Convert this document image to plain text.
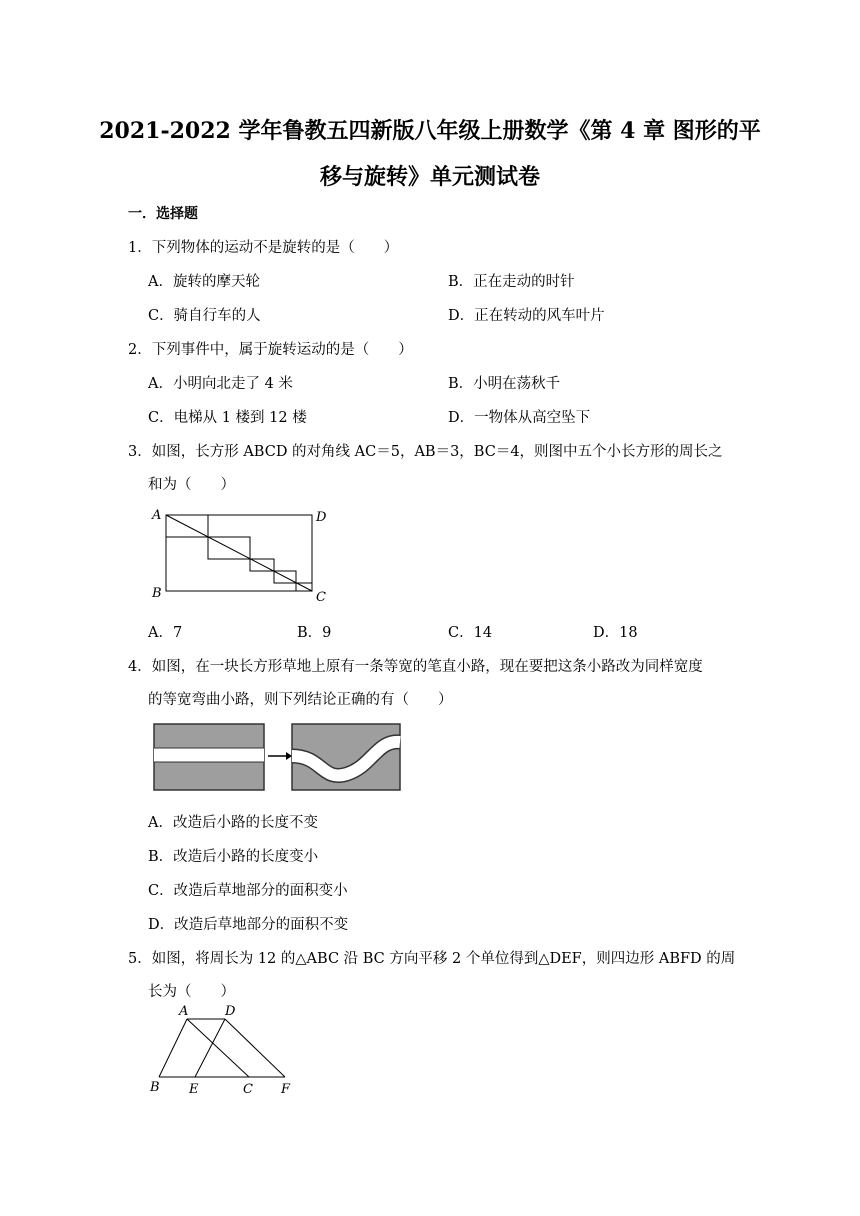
2021-2022 学年鲁教五四新版八年级上册数学《第 4 章 图形的平
移与旋转》单元测试卷
一．选择题
1．下列物体的运动不是旋转的是（　　）
A．旋转的摩天轮	B．正在走动的时针
C．骑自行车的人	D．正在转动的风车叶片
2．下列事件中，属于旋转运动的是（　　）
A．小明向北走了 4 米	B．小明在荡秋千
C．电梯从 1 楼到 12 楼	D．一物体从高空坠下
3．如图，长方形 ABCD 的对角线 AC＝5，AB＝3，BC＝4，则图中五个小长方形的周长之
和为（　　）
A	D
B	C
A．7	B．9	C．14	D．18
4．如图，在一块长方形草地上原有一条等宽的笔直小路，现在要把这条小路改为同样宽度
的等宽弯曲小路，则下列结论正确的有（　　）
A．改造后小路的长度不变
B．改造后小路的长度变小
C．改造后草地部分的面积变小
D．改造后草地部分的面积不变
5．如图，将周长为 12 的△ABC 沿 BC 方向平移 2 个单位得到△DEF，则四边形 ABFD 的周
长为（　　）
A	D
B E	C F
